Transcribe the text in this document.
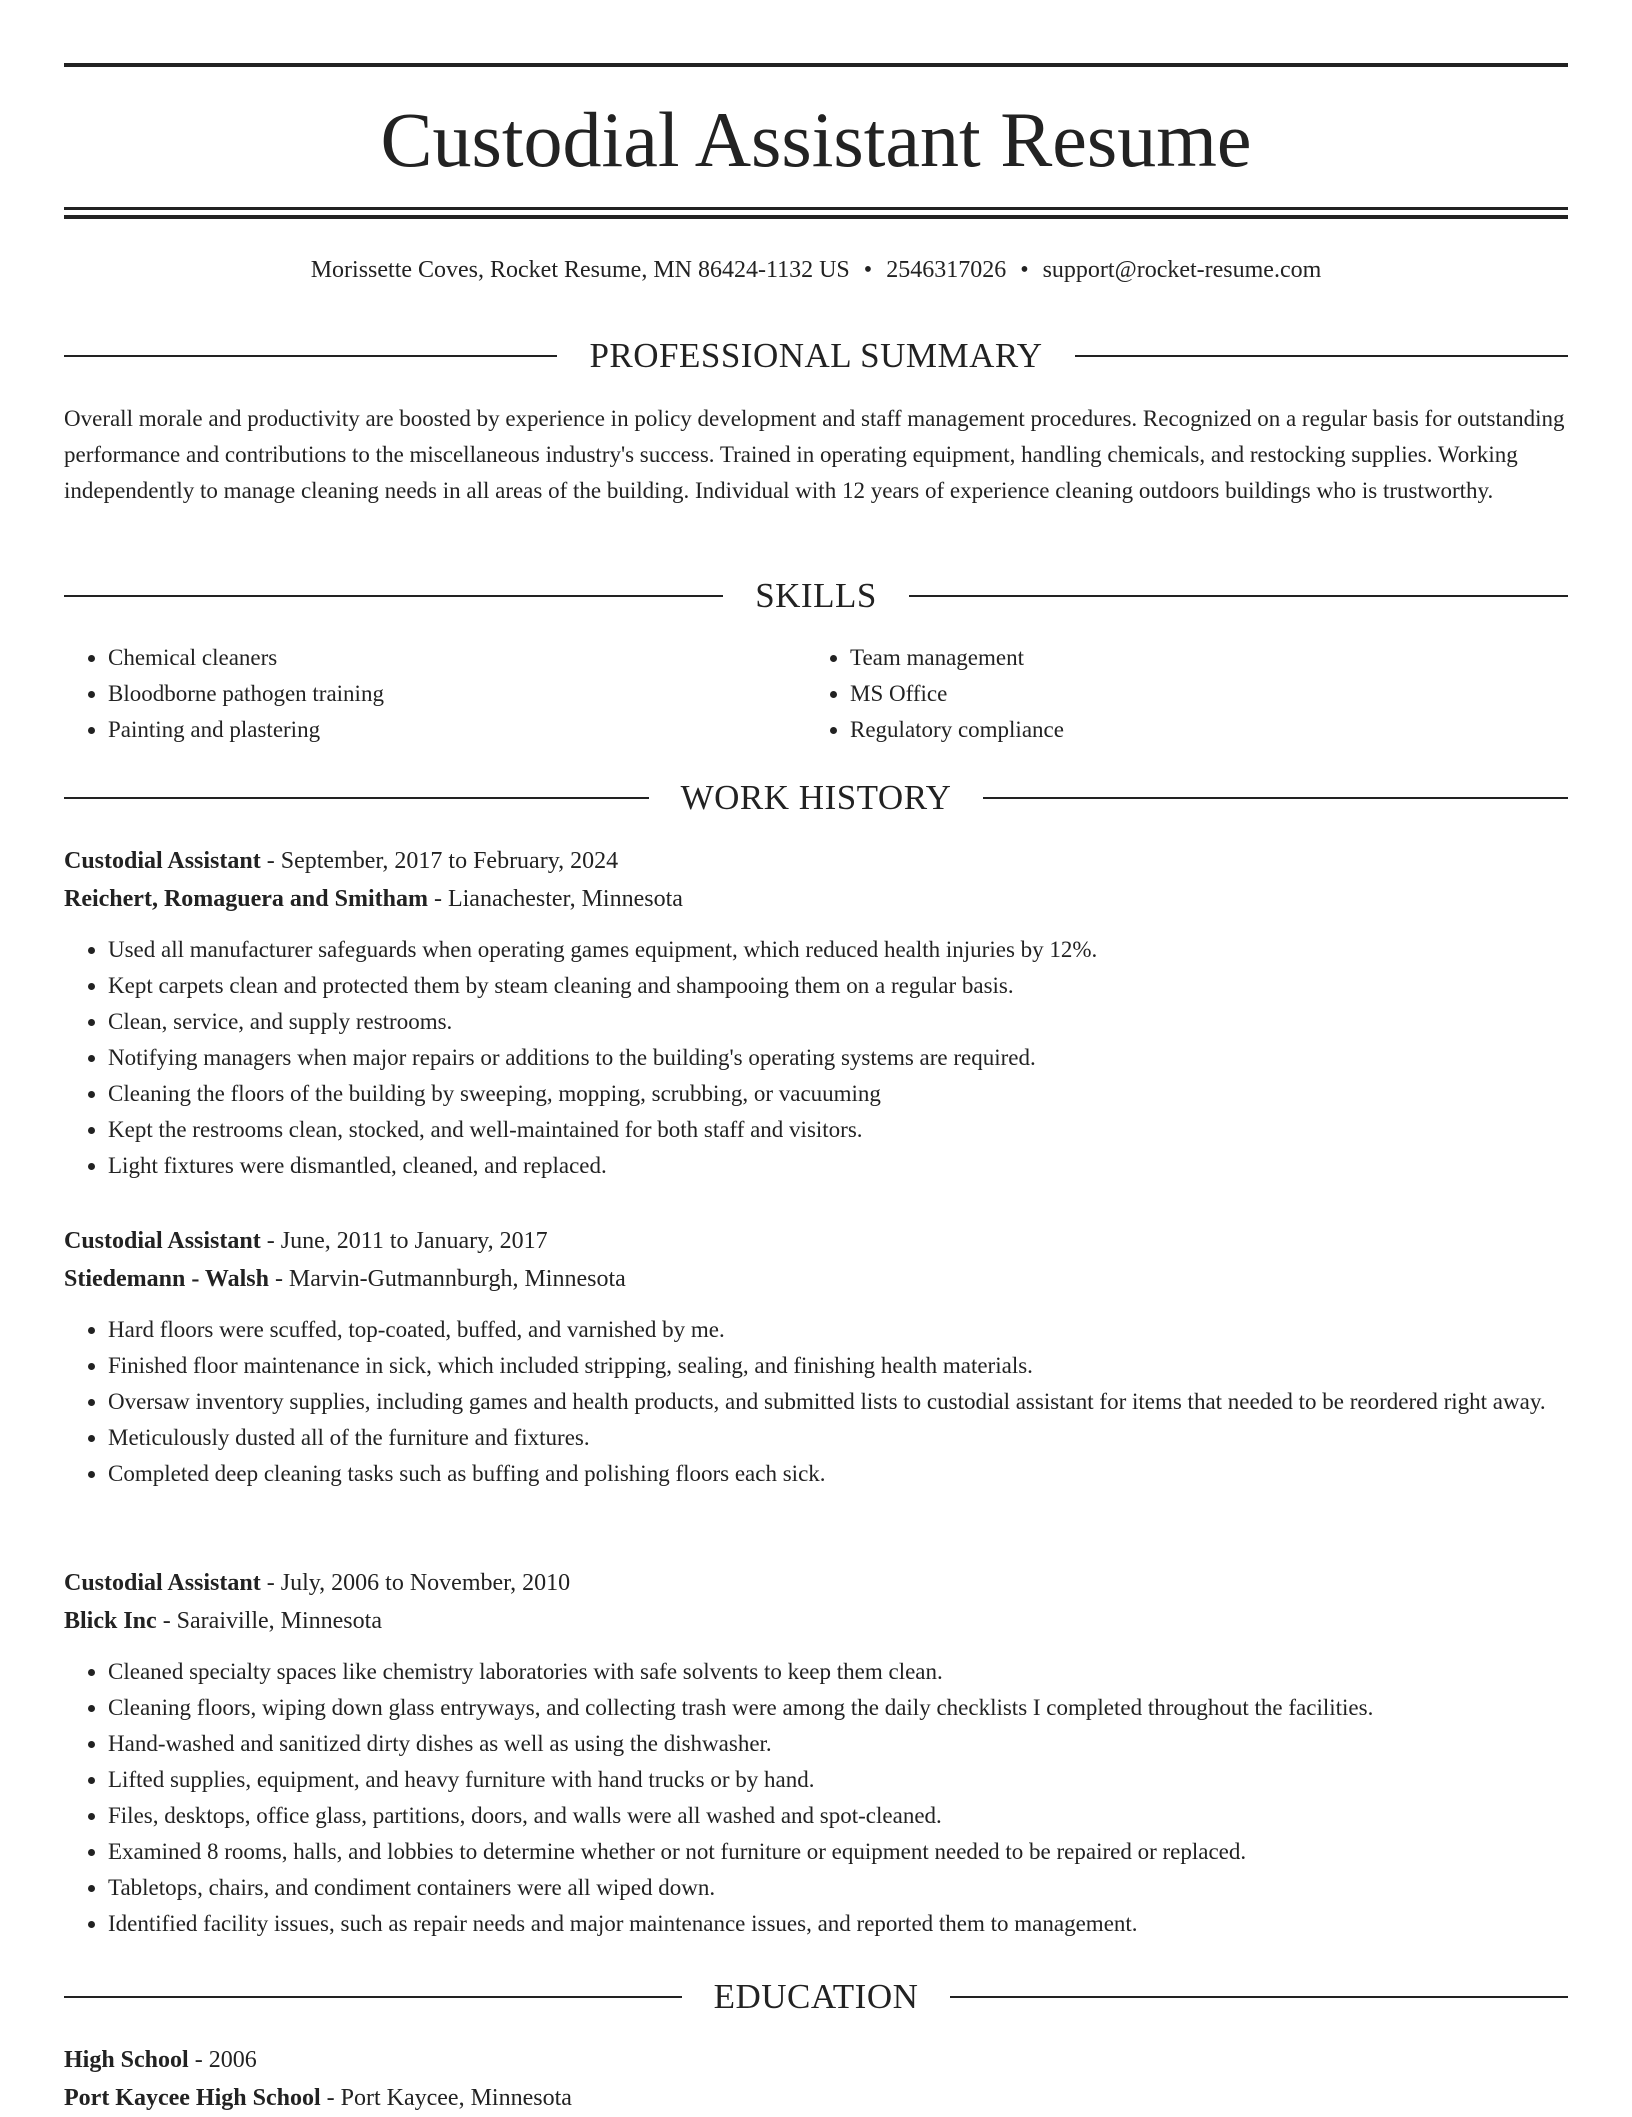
Custodial Assistant Resume
Morissette Coves, Rocket Resume, MN 86424-1132 US • 2546317026 • support@rocket-resume.com
PROFESSIONAL SUMMARY

Overall morale and productivity are boosted by experience in policy development and staff management procedures. Recognized on a regular basis for outstanding performance and contributions to the miscellaneous industry's success. Trained in operating equipment, handling chemicals, and restocking supplies. Working independently to manage cleaning needs in all areas of the building. Individual with 12 years of experience cleaning outdoors buildings who is trustworthy.

SKILLS
• Chemical cleaners
• Bloodborne pathogen training
• Painting and plastering
• Team management
• MS Office
• Regulatory compliance
WORK HISTORY
Custodial Assistant - September, 2017 to February, 2024
Reichert, Romaguera and Smitham - Lianachester, Minnesota
• Used all manufacturer safeguards when operating games equipment, which reduced health injuries by 12%.
• Kept carpets clean and protected them by steam cleaning and shampooing them on a regular basis.
• Clean, service, and supply restrooms.
• Notifying managers when major repairs or additions to the building's operating systems are required.
• Cleaning the floors of the building by sweeping, mopping, scrubbing, or vacuuming
• Kept the restrooms clean, stocked, and well-maintained for both staff and visitors.
• Light fixtures were dismantled, cleaned, and replaced.
Custodial Assistant - June, 2011 to January, 2017
Stiedemann - Walsh - Marvin-Gutmannburgh, Minnesota
• Hard floors were scuffed, top-coated, buffed, and varnished by me.
• Finished floor maintenance in sick, which included stripping, sealing, and finishing health materials.
• Oversaw inventory supplies, including games and health products, and submitted lists to custodial assistant for items that needed to be reordered right away.
• Meticulously dusted all of the furniture and fixtures.
• Completed deep cleaning tasks such as buffing and polishing floors each sick.
Custodial Assistant - July, 2006 to November, 2010
Blick Inc - Saraiville, Minnesota
• Cleaned specialty spaces like chemistry laboratories with safe solvents to keep them clean.
• Cleaning floors, wiping down glass entryways, and collecting trash were among the daily checklists I completed throughout the facilities.
• Hand-washed and sanitized dirty dishes as well as using the dishwasher.
• Lifted supplies, equipment, and heavy furniture with hand trucks or by hand.
• Files, desktops, office glass, partitions, doors, and walls were all washed and spot-cleaned.
• Examined 8 rooms, halls, and lobbies to determine whether or not furniture or equipment needed to be repaired or replaced.
• Tabletops, chairs, and condiment containers were all wiped down.
• Identified facility issues, such as repair needs and major maintenance issues, and reported them to management.
EDUCATION
High School - 2006
Port Kaycee High School - Port Kaycee, Minnesota
